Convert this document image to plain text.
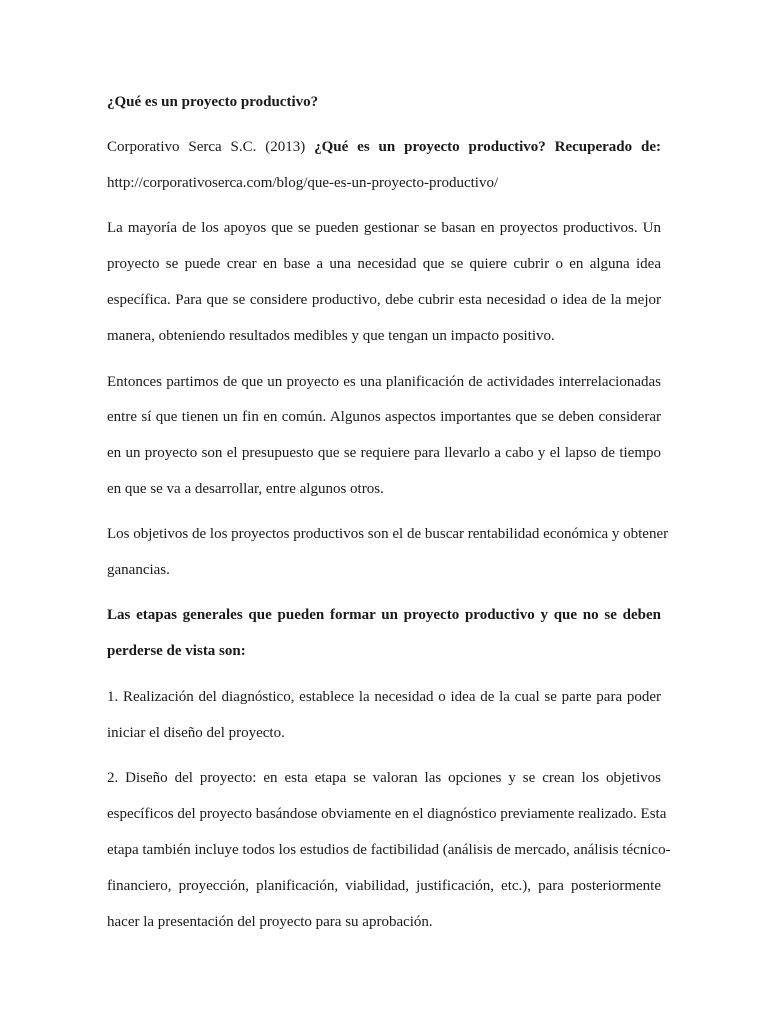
¿Qué es un proyecto productivo?
Corporativo Serca S.C. (2013) ¿Qué es un proyecto productivo? Recuperado de:
http://corporativoserca.com/blog/que-es-un-proyecto-productivo/
La mayoría de los apoyos que se pueden gestionar se basan en proyectos productivos. Un
proyecto se puede crear en base a una necesidad que se quiere cubrir o en alguna idea
específica. Para que se considere productivo, debe cubrir esta necesidad o idea de la mejor
manera, obteniendo resultados medibles y que tengan un impacto positivo.
Entonces partimos de que un proyecto es una planificación de actividades interrelacionadas
entre sí que tienen un fin en común. Algunos aspectos importantes que se deben considerar
en un proyecto son el presupuesto que se requiere para llevarlo a cabo y el lapso de tiempo
en que se va a desarrollar, entre algunos otros.
Los objetivos de los proyectos productivos son el de buscar rentabilidad económica y obtener
ganancias.
Las etapas generales que pueden formar un proyecto productivo y que no se deben
perderse de vista son:
1. Realización del diagnóstico, establece la necesidad o idea de la cual se parte para poder
iniciar el diseño del proyecto.
2. Diseño del proyecto: en esta etapa se valoran las opciones y se crean los objetivos
específicos del proyecto basándose obviamente en el diagnóstico previamente realizado. Esta
etapa también incluye todos los estudios de factibilidad (análisis de mercado, análisis técnico-
financiero, proyección, planificación, viabilidad, justificación, etc.), para posteriormente
hacer la presentación del proyecto para su aprobación.
